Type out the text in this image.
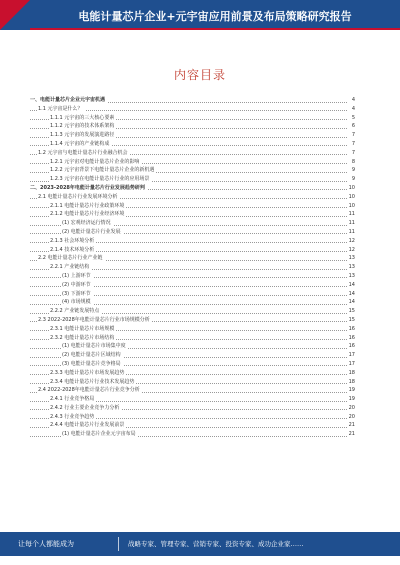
电能计量芯片企业+元宇宙应用前景及布局策略研究报告
内容目录
一、电能计量芯片企业元宇宙机遇	4
1.1 元宇宙是什么？	4
1.1.1 元宇宙的三大核心要素	5
1.1.2 元宇宙的技术体系架构	6
1.1.3 元宇宙的发展演进路径	7
1.1.4 元宇宙的产业链构成	7
1.2 元宇宙与电能计量芯片行业融合机会	7
1.2.1 元宇宙对电能计量芯片企业的影响	8
1.2.2 元宇宙背景下电能计量芯片企业的新机遇	9
1.2.3 元宇宙在电能计量芯片行业的应用场景	9
二、2023-2028年电能计量芯片行业发展趋势研判	10
2.1 电能计量芯片行业发展环境分析	10
2.1.1 电能计量芯片行业政策环境	10
2.1.2 电能计量芯片行业经济环境	11
(1) 宏观经济运行情况	11
(2) 电能计量芯片行业发展	11
2.1.3 社会环境分析	12
2.1.4 技术环境分析	12
2.2 电能计量芯片行业产业链	13
2.2.1 产业链结构	13
(1) 上游环节	13
(2) 中游环节	14
(3) 下游环节	14
(4) 市场规模	14
2.2.2 产业链发展特点	15
2.3 2022-2028年电能计量芯片行业市场规模分析	15
2.3.1 电能计量芯片市场规模	16
2.3.2 电能计量芯片市场结构	16
(1) 电能计量芯片市场集中度	16
(2) 电能计量芯片区域结构	17
(3) 电能计量芯片竞争格局	17
2.3.3 电能计量芯片市场发展趋势	18
2.3.4 电能计量芯片行业技术发展趋势	18
2.4 2022-2028年电能计量芯片行业竞争分析	19
2.4.1 行业竞争格局	19
2.4.2 行业主要企业竞争力分析	20
2.4.3 行业竞争趋势	20
2.4.4 电能计量芯片行业发展前景	21
(1) 电能计量芯片企业元宇宙布局	21
让每个人都能成为	战略专家、管理专家、营销专家、投资专家、成功企业家……
